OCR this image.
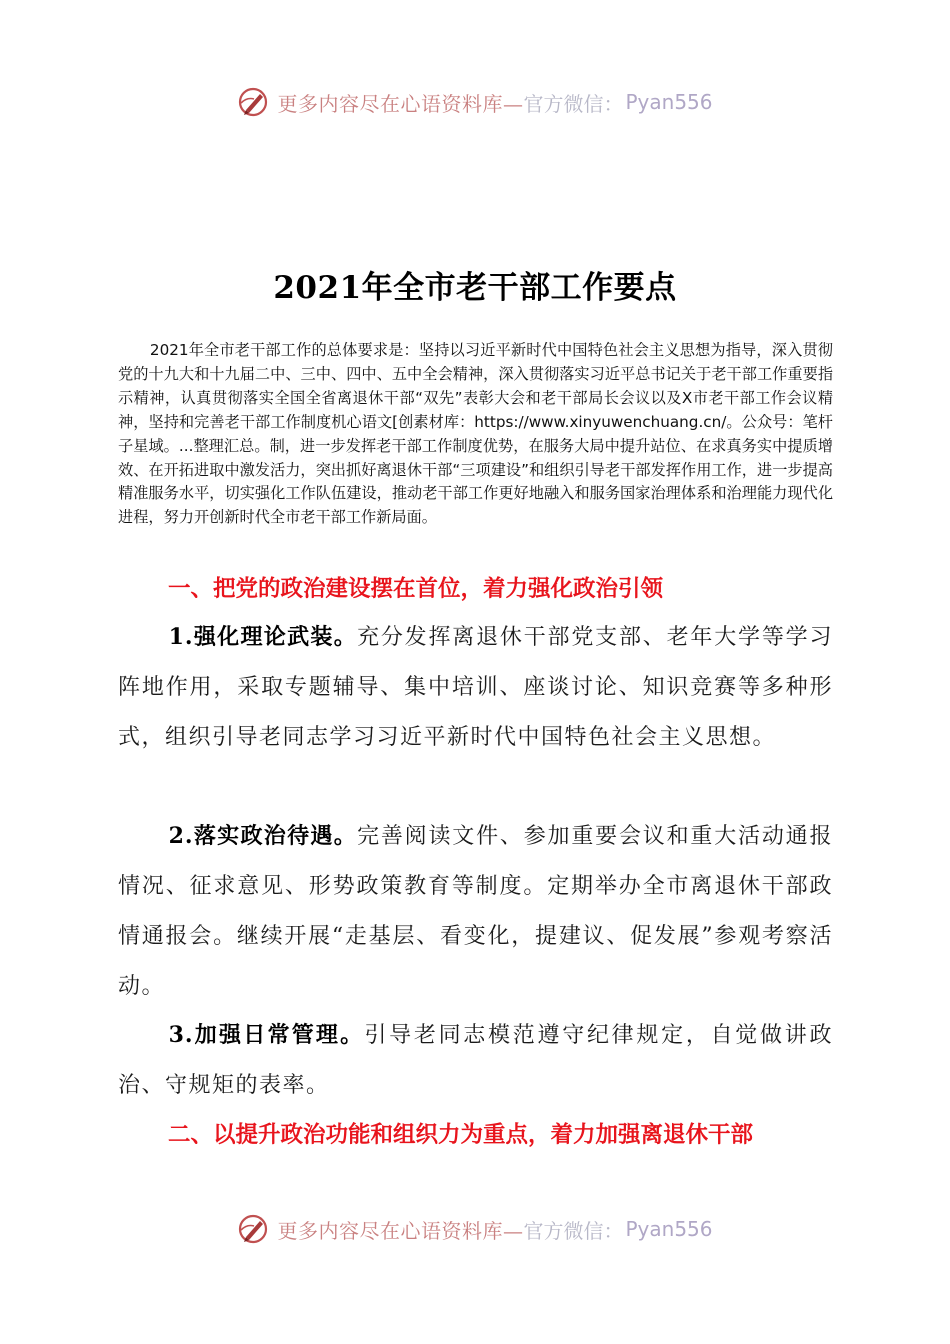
更多内容尽在心语资料库— 官方微信： Pyan556
2021年全市老干部工作要点

2021年全市老干部工作的总体要求是：坚持以习近平新时代中国特色社会主义思想为指导，深入贯彻党的十九大和十九届二中、三中、四中、五中全会精神，深入贯彻落实习近平总书记关于老干部工作重要指示精神，认真贯彻落实全国全省离退休干部“双先”表彰大会和老干部局长会议以及X市老干部工作会议精神，坚持和完善老干部工作制度机心语文[创素材库：https://www.xinyuwenchuang.cn/。公众号：笔杆子星域。...整理汇总。制，进一步发挥老干部工作制度优势，在服务大局中提升站位、在求真务实中提质增效、在开拓进取中激发活力，突出抓好离退休干部“三项建设”和组织引导老干部发挥作用工作，进一步提高精准服务水平，切实强化工作队伍建设，推动老干部工作更好地融入和服务国家治理体系和治理能力现代化进程，努力开创新时代全市老干部工作新局面。

一、把党的政治建设摆在首位，着力强化政治引领

1.强化理论武装。充分发挥离退休干部党支部、老年大学等学习阵地作用，采取专题辅导、集中培训、座谈讨论、知识竞赛等多种形式，组织引导老同志学习习近平新时代中国特色社会主义思想。

2.落实政治待遇。完善阅读文件、参加重要会议和重大活动通报情况、征求意见、形势政策教育等制度。定期举办全市离退休干部政情通报会。继续开展“走基层、看变化，提建议、促发展”参观考察活动。

3.加强日常管理。引导老同志模范遵守纪律规定，自觉做讲政治、守规矩的表率。

二、以提升政治功能和组织力为重点，着力加强离退休干部
更多内容尽在心语资料库— 官方微信： Pyan556
